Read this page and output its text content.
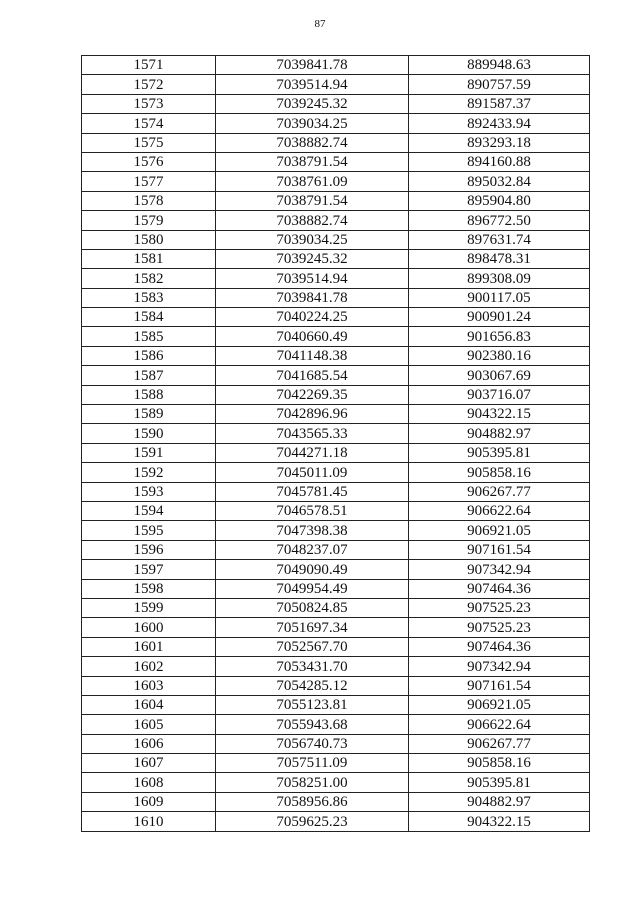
87
1571	7039841.78	889948.63
1572	7039514.94	890757.59
1573	7039245.32	891587.37
1574	7039034.25	892433.94
1575	7038882.74	893293.18
1576	7038791.54	894160.88
1577	7038761.09	895032.84
1578	7038791.54	895904.80
1579	7038882.74	896772.50
1580	7039034.25	897631.74
1581	7039245.32	898478.31
1582	7039514.94	899308.09
1583	7039841.78	900117.05
1584	7040224.25	900901.24
1585	7040660.49	901656.83
1586	7041148.38	902380.16
1587	7041685.54	903067.69
1588	7042269.35	903716.07
1589	7042896.96	904322.15
1590	7043565.33	904882.97
1591	7044271.18	905395.81
1592	7045011.09	905858.16
1593	7045781.45	906267.77
1594	7046578.51	906622.64
1595	7047398.38	906921.05
1596	7048237.07	907161.54
1597	7049090.49	907342.94
1598	7049954.49	907464.36
1599	7050824.85	907525.23
1600	7051697.34	907525.23
1601	7052567.70	907464.36
1602	7053431.70	907342.94
1603	7054285.12	907161.54
1604	7055123.81	906921.05
1605	7055943.68	906622.64
1606	7056740.73	906267.77
1607	7057511.09	905858.16
1608	7058251.00	905395.81
1609	7058956.86	904882.97
1610	7059625.23	904322.15
